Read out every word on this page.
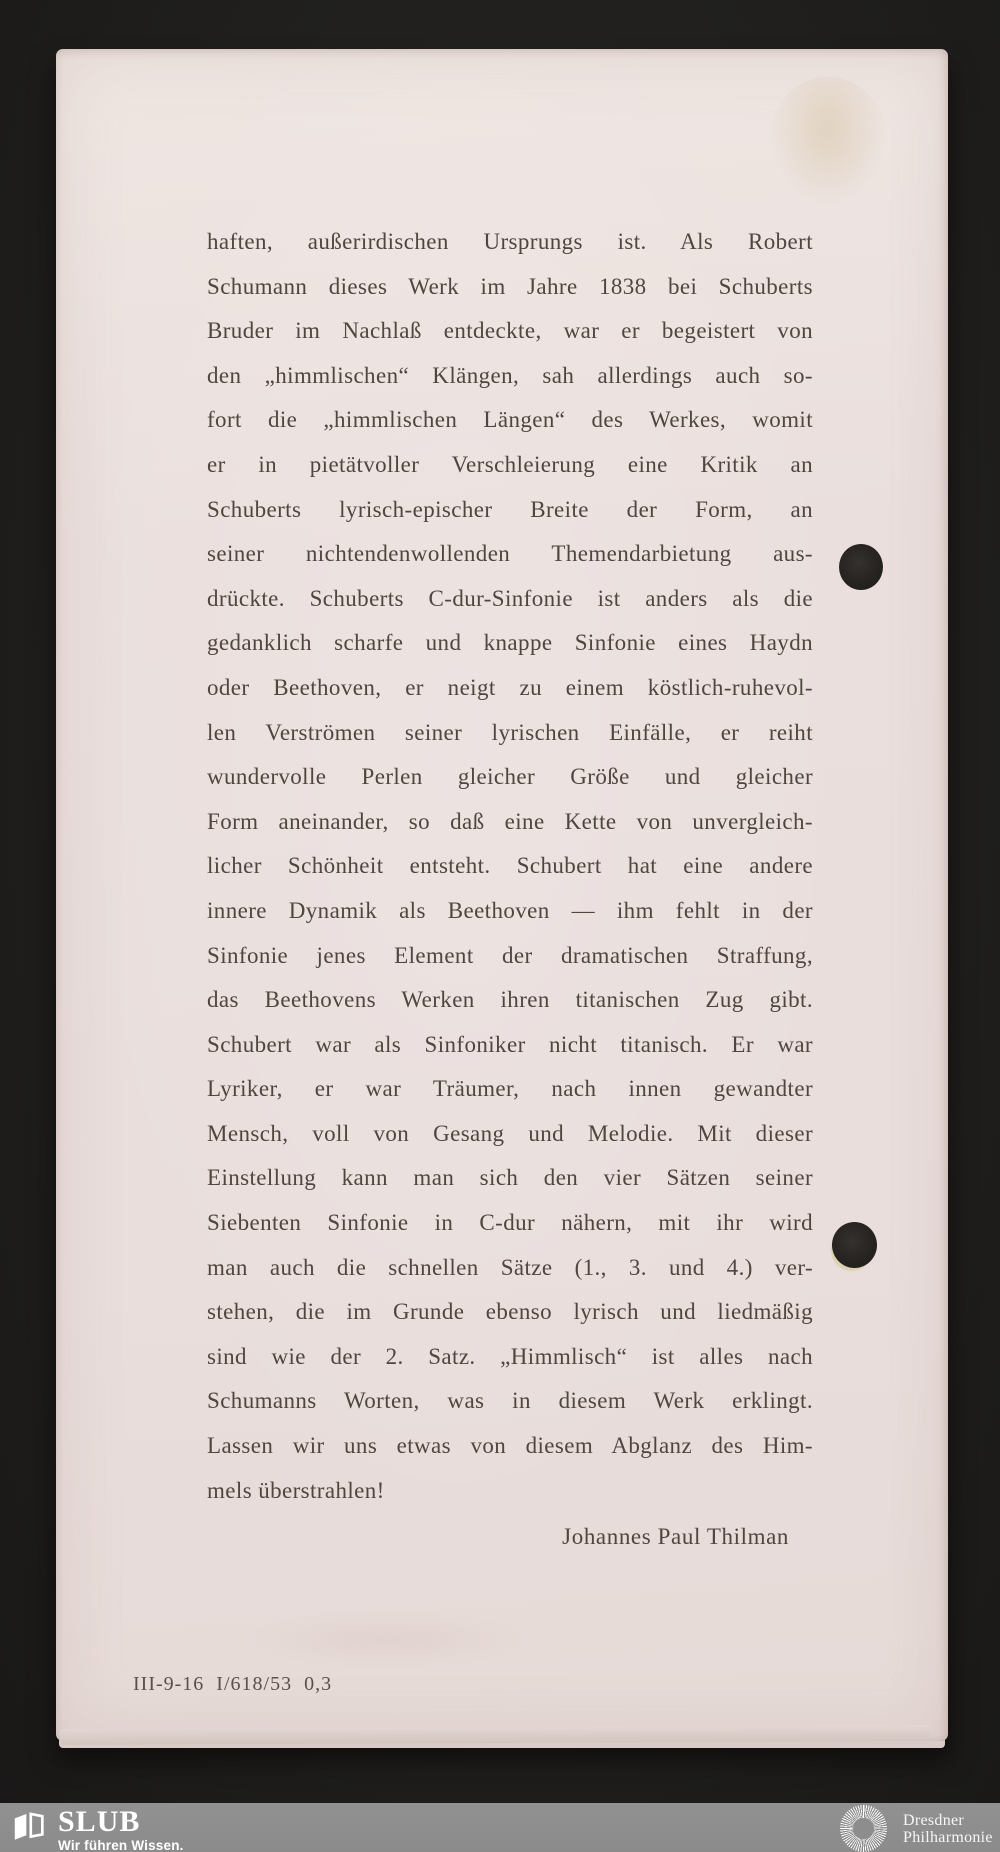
haften, außerirdischen Ursprungs ist. Als Robert
Schumann dieses Werk im Jahre 1838 bei Schuberts
Bruder im Nachlaß entdeckte, war er begeistert von
den „himmlischen“ Klängen, sah allerdings auch so-
fort die „himmlischen Längen“ des Werkes, womit
er in pietätvoller Verschleierung eine Kritik an
Schuberts lyrisch-epischer Breite der Form, an
seiner nichtendenwollenden Themendarbietung aus-
drückte. Schuberts C-dur-Sinfonie ist anders als die
gedanklich scharfe und knappe Sinfonie eines Haydn
oder Beethoven, er neigt zu einem köstlich-ruhevol-
len Verströmen seiner lyrischen Einfälle, er reiht
wundervolle Perlen gleicher Größe und gleicher
Form aneinander, so daß eine Kette von unvergleich-
licher Schönheit entsteht. Schubert hat eine andere
innere Dynamik als Beethoven — ihm fehlt in der
Sinfonie jenes Element der dramatischen Straffung,
das Beethovens Werken ihren titanischen Zug gibt.
Schubert war als Sinfoniker nicht titanisch. Er war
Lyriker, er war Träumer, nach innen gewandter
Mensch, voll von Gesang und Melodie. Mit dieser
Einstellung kann man sich den vier Sätzen seiner
Siebenten Sinfonie in C-dur nähern, mit ihr wird
man auch die schnellen Sätze (1., 3. und 4.) ver-
stehen, die im Grunde ebenso lyrisch und liedmäßig
sind wie der 2. Satz. „Himmlisch“ ist alles nach
Schumanns Worten, was in diesem Werk erklingt.
Lassen wir uns etwas von diesem Abglanz des Him-
mels überstrahlen!
Johannes Paul Thilman
III-9-16 I/618/53 0,3
SLUB
Wir führen Wissen.
Dresdner
Philharmonie
